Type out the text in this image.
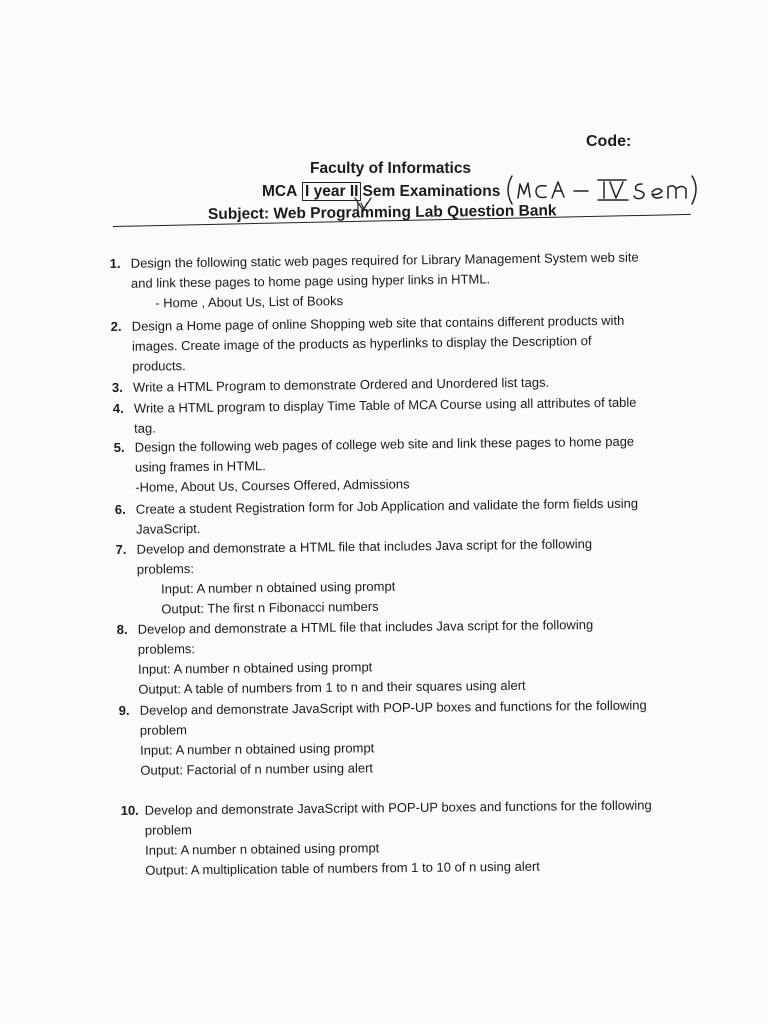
Code:
Faculty of Informatics
MCA I year II Sem Examinations
Subject: Web Programming Lab Question Bank
1. Design the following static web pages required for Library Management System web site
and link these pages to home page using hyper links in HTML.
- Home , About Us, List of Books
2. Design a Home page of online Shopping web site that contains different products with
images. Create image of the products as hyperlinks to display the Description of
products.
3. Write a HTML Program to demonstrate Ordered and Unordered list tags.
4. Write a HTML program to display Time Table of MCA Course using all attributes of table
tag.
5. Design the following web pages of college web site and link these pages to home page
using frames in HTML.
-Home, About Us, Courses Offered, Admissions
6. Create a student Registration form for Job Application and validate the form fields using
JavaScript.
7. Develop and demonstrate a HTML file that includes Java script for the following
problems:
Input: A number n obtained using prompt
Output: The first n Fibonacci numbers
8. Develop and demonstrate a HTML file that includes Java script for the following
problems:
Input: A number n obtained using prompt
Output: A table of numbers from 1 to n and their squares using alert
9. Develop and demonstrate JavaScript with POP-UP boxes and functions for the following
problem
Input: A number n obtained using prompt
Output: Factorial of n number using alert
10. Develop and demonstrate JavaScript with POP-UP boxes and functions for the following
problem
Input: A number n obtained using prompt
Output: A multiplication table of numbers from 1 to 10 of n using alert
